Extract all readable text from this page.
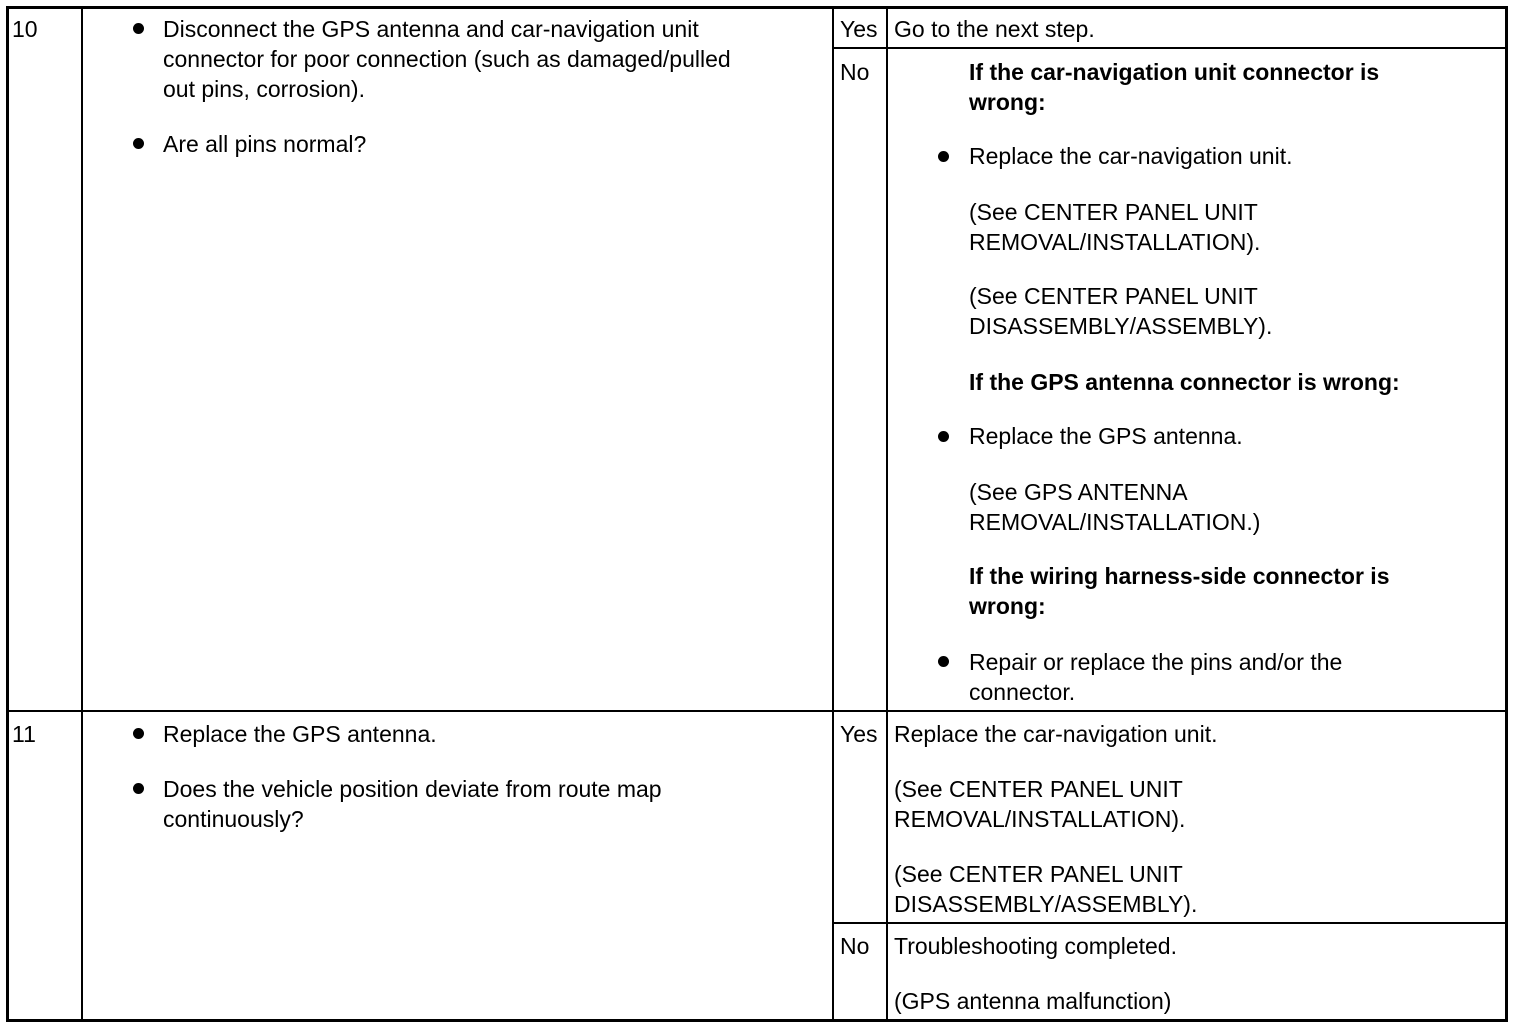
10	Disconnect the GPS antenna and car-navigation unit
connector for poor connection (such as damaged/pulled
out pins, corrosion).
Are all pins normal?
Yes Go to the next step.
No	If the car-navigation unit connector is
wrong:
Replace the car-navigation unit.
(See CENTER PANEL UNIT
REMOVAL/INSTALLATION).
(See CENTER PANEL UNIT
DISASSEMBLY/ASSEMBLY).
If the GPS antenna connector is wrong:
Replace the GPS antenna.
(See GPS ANTENNA
REMOVAL/INSTALLATION.)
If the wiring harness-side connector is
wrong:
Repair or replace the pins and/or the
connector.
11	Replace the GPS antenna.
Does the vehicle position deviate from route map
continuously?
Yes Replace the car-navigation unit.
(See CENTER PANEL UNIT
REMOVAL/INSTALLATION).
(See CENTER PANEL UNIT
DISASSEMBLY/ASSEMBLY).
No Troubleshooting completed.
(GPS antenna malfunction)
